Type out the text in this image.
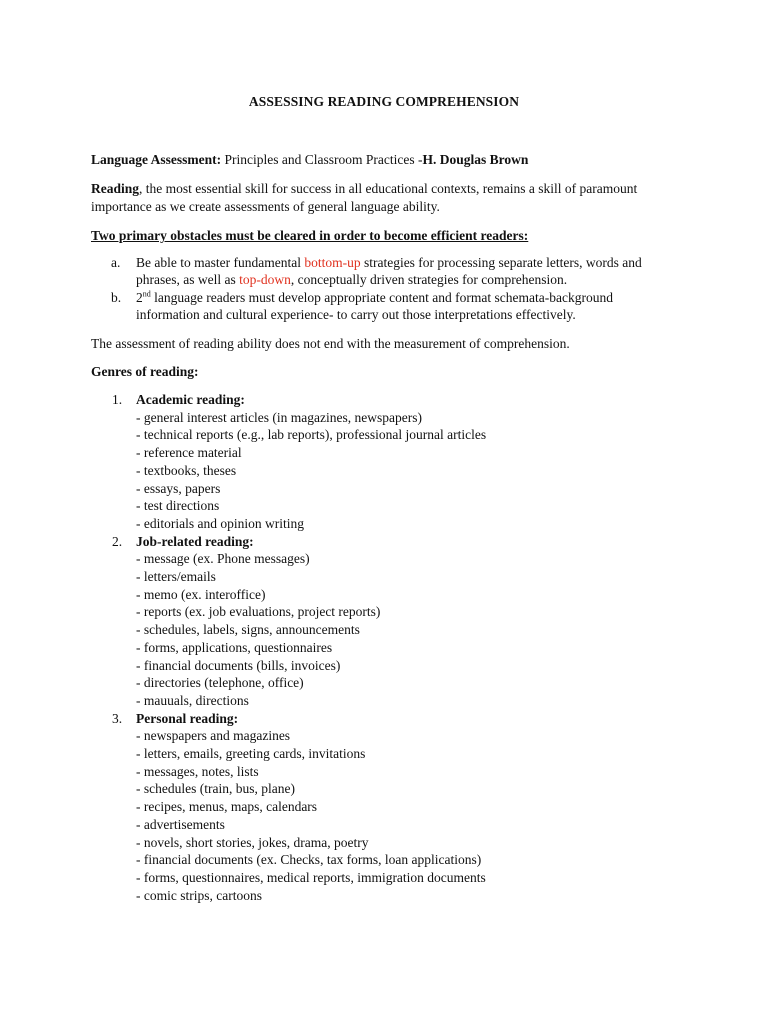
ASSESSING READING COMPREHENSION
Language Assessment: Principles and Classroom Practices -H. Douglas Brown
Reading, the most essential skill for success in all educational contexts, remains a skill of paramount
importance as we create assessments of general language ability.
Two primary obstacles must be cleared in order to become efficient readers:
a. Be able to master fundamental bottom-up strategies for processing separate letters, words and
phrases, as well as top-down, conceptually driven strategies for comprehension.
b. 2nd language readers must develop appropriate content and format schemata-background
information and cultural experience- to carry out those interpretations effectively.
The assessment of reading ability does not end with the measurement of comprehension.
Genres of reading:
1. Academic reading:
- general interest articles (in magazines, newspapers)
- technical reports (e.g., lab reports), professional journal articles
- reference material
- textbooks, theses
- essays, papers
- test directions
- editorials and opinion writing
2. Job-related reading:
- message (ex. Phone messages)
- letters/emails
- memo (ex. interoffice)
- reports (ex. job evaluations, project reports)
- schedules, labels, signs, announcements
- forms, applications, questionnaires
- financial documents (bills, invoices)
- directories (telephone, office)
- mauuals, directions
3. Personal reading:
- newspapers and magazines
- letters, emails, greeting cards, invitations
- messages, notes, lists
- schedules (train, bus, plane)
- recipes, menus, maps, calendars
- advertisements
- novels, short stories, jokes, drama, poetry
- financial documents (ex. Checks, tax forms, loan applications)
- forms, questionnaires, medical reports, immigration documents
- comic strips, cartoons
